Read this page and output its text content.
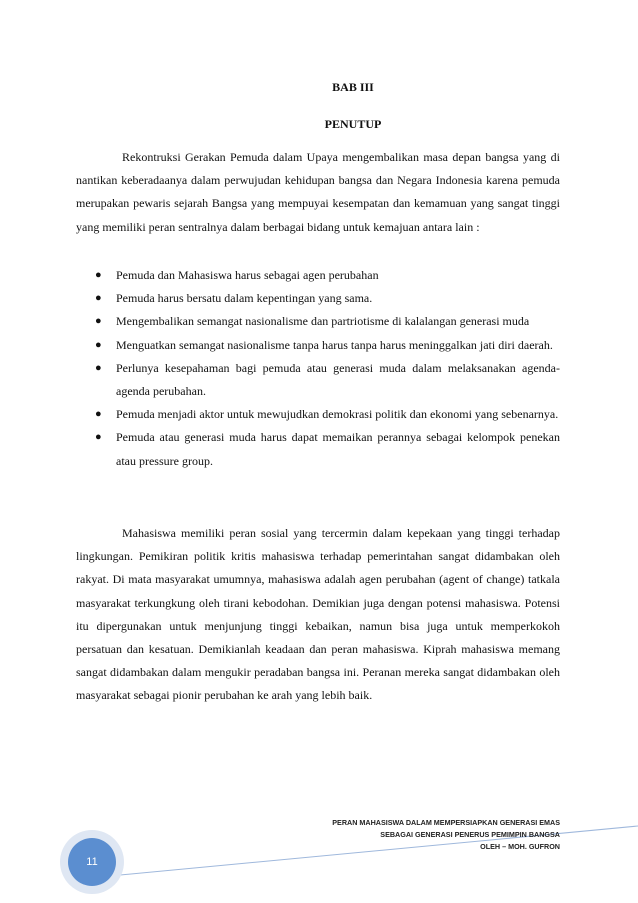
BAB III
PENUTUP

Rekontruksi Gerakan Pemuda dalam Upaya mengembalikan masa depan bangsa yang di nantikan keberadaanya dalam perwujudan kehidupan bangsa dan Negara Indonesia karena pemuda merupakan pewaris sejarah Bangsa yang mempuyai kesempatan dan kemamuan yang sangat tinggi yang memiliki peran sentralnya dalam berbagai bidang untuk kemajuan antara lain :

● Pemuda dan Mahasiswa harus sebagai agen perubahan
● Pemuda harus bersatu dalam kepentingan yang sama.
● Mengembalikan semangat nasionalisme dan partriotisme di kalalangan generasi muda
● Menguatkan semangat nasionalisme tanpa harus tanpa harus meninggalkan jati diri daerah.
● Perlunya kesepahaman bagi pemuda atau generasi muda dalam melaksanakan agenda-agenda perubahan.
● Pemuda menjadi aktor untuk mewujudkan demokrasi politik dan ekonomi yang sebenarnya.
● Pemuda atau generasi muda harus dapat memaikan perannya sebagai kelompok penekan atau pressure group.

Mahasiswa memiliki peran sosial yang tercermin dalam kepekaan yang tinggi terhadap lingkungan. Pemikiran politik kritis mahasiswa terhadap pemerintahan sangat didambakan oleh rakyat. Di mata masyarakat umumnya, mahasiswa adalah agen perubahan (agent of change) tatkala masyarakat terkungkung oleh tirani kebodohan. Demikian juga dengan potensi mahasiswa. Potensi itu dipergunakan untuk menjunjung tinggi kebaikan, namun bisa juga untuk memperkokoh persatuan dan kesatuan. Demikianlah keadaan dan peran mahasiswa. Kiprah mahasiswa memang sangat didambakan dalam mengukir peradaban bangsa ini. Peranan mereka sangat didambakan oleh masyarakat sebagai pionir perubahan ke arah yang lebih baik.

PERAN MAHASISWA DALAM MEMPERSIAPKAN GENERASI EMAS
SEBAGAI GENERASI PENERUS PEMIMPIN BANGSA
OLEH – MOH. GUFRON
11
